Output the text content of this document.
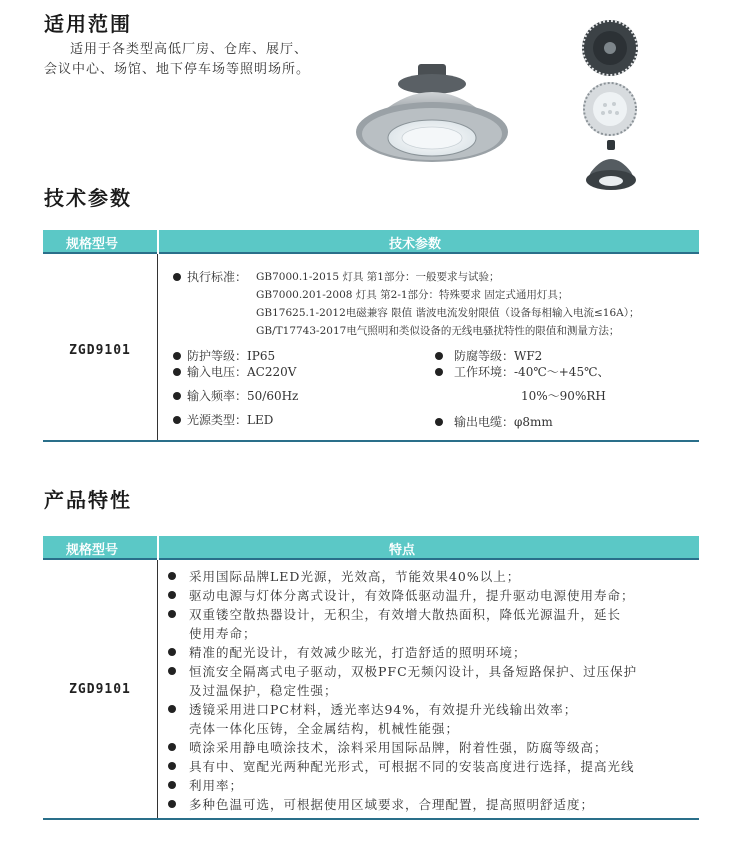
适用范围

适用于各类型高低厂房、仓库、展厅、

会议中心、场馆、地下停车场等照明场所。

技术参数
规格型号	技术参数
ZGD9101
执行标准： GB7000.1-2015 灯具 第1部分：一般要求与试验；
GB7000.201-2008 灯具 第2-1部分：特殊要求 固定式通用灯具；
GB17625.1-2012电磁兼容 限值 谐波电流发射限值（设备每相输入电流≤16A）；
GB/T17743-2017电气照明和类似设备的无线电骚扰特性的限值和测量方法；
防护等级：IP65
输入电压：AC220V
输入频率：50/60Hz
光源类型：LED
防腐等级：WF2
工作环境：-40℃～+45℃、
10%～90%RH
输出电缆：φ8mm
产品特性
规格型号	特点
ZGD9101
采用国际品牌LED光源，光效高，节能效果40%以上；
驱动电源与灯体分离式设计，有效降低驱动温升，提升驱动电源使用寿命；
双重镂空散热器设计，无积尘，有效增大散热面积，降低光源温升，延长
使用寿命；
精准的配光设计，有效减少眩光，打造舒适的照明环境；
恒流安全隔离式电子驱动，双极PFC无频闪设计，具备短路保护、过压保护
及过温保护，稳定性强；
透镜采用进口PC材料，透光率达94%，有效提升光线输出效率；
壳体一体化压铸，全金属结构，机械性能强；
喷涂采用静电喷涂技术，涂料采用国际品牌，附着性强，防腐等级高；
具有中、宽配光两种配光形式，可根据不同的安装高度进行选择，提高光线
利用率；
多种色温可选，可根据使用区域要求，合理配置，提高照明舒适度；
